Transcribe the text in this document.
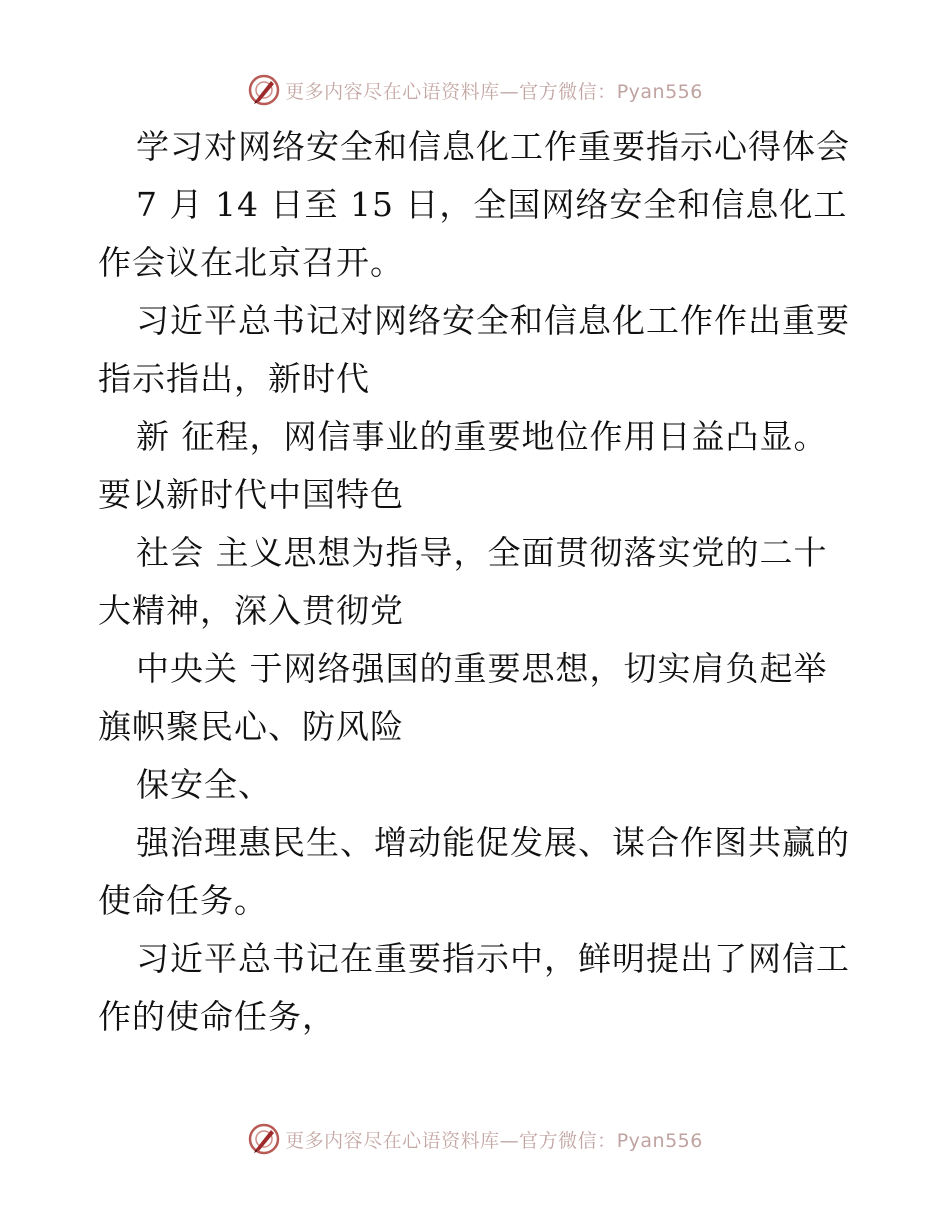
更多内容尽在心语资料库—官方微信：Pyan556
学习对网络安全和信息化工作重要指示心得体会
7 月 14 日至 15 日，全国网络安全和信息化工
作会议在北京召开。
习近平总书记对网络安全和信息化工作作出重要
指示指出，新时代
新 征程，网信事业的重要地位作用日益凸显。
要以新时代中国特色
社会 主义思想为指导，全面贯彻落实党的二十
大精神，深入贯彻党
中央关 于网络强国的重要思想，切实肩负起举
旗帜聚民心、防风险
保安全、
强治理惠民生、增动能促发展、谋合作图共赢的
使命任务。
习近平总书记在重要指示中，鲜明提出了网信工
作的使命任务，
更多内容尽在心语资料库—官方微信：Pyan556
